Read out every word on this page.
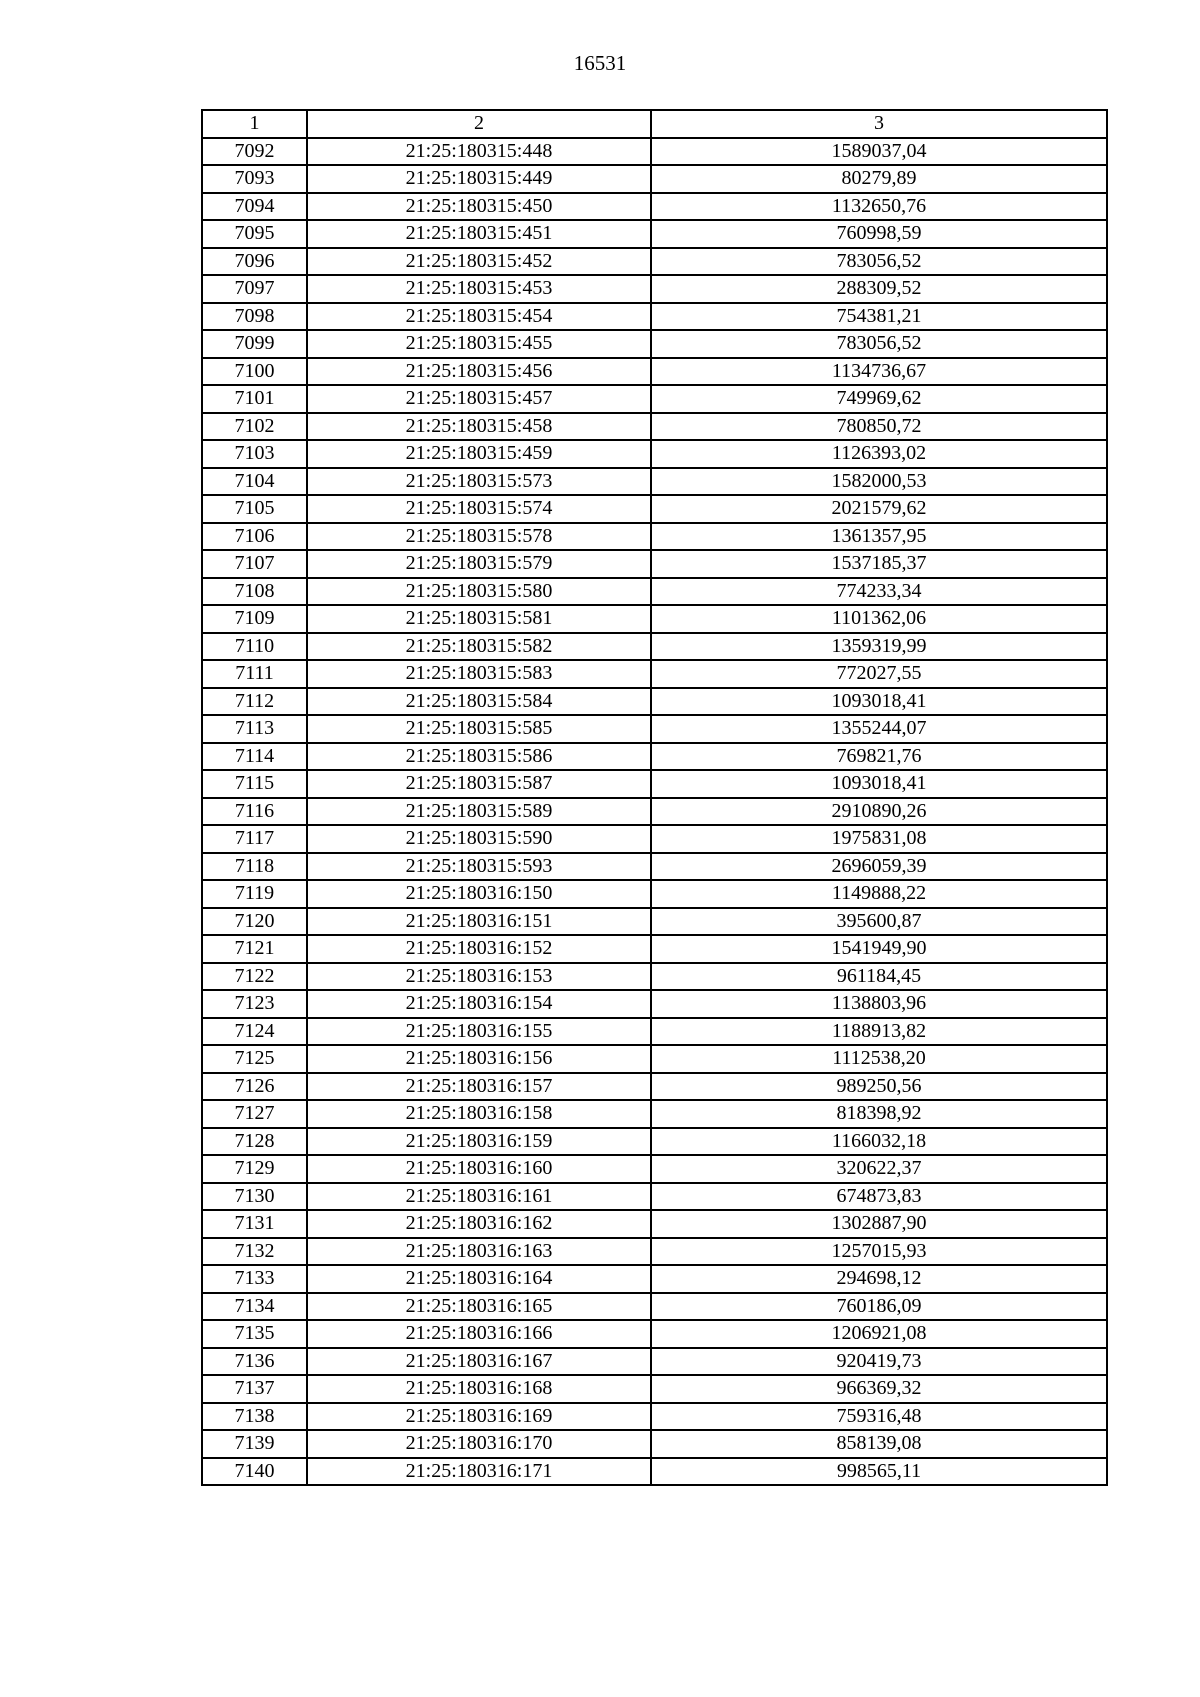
16531
1	2	3
7092	21:25:180315:448	1589037,04
7093	21:25:180315:449	80279,89
7094	21:25:180315:450	1132650,76
7095	21:25:180315:451	760998,59
7096	21:25:180315:452	783056,52
7097	21:25:180315:453	288309,52
7098	21:25:180315:454	754381,21
7099	21:25:180315:455	783056,52
7100	21:25:180315:456	1134736,67
7101	21:25:180315:457	749969,62
7102	21:25:180315:458	780850,72
7103	21:25:180315:459	1126393,02
7104	21:25:180315:573	1582000,53
7105	21:25:180315:574	2021579,62
7106	21:25:180315:578	1361357,95
7107	21:25:180315:579	1537185,37
7108	21:25:180315:580	774233,34
7109	21:25:180315:581	1101362,06
7110	21:25:180315:582	1359319,99
7111	21:25:180315:583	772027,55
7112	21:25:180315:584	1093018,41
7113	21:25:180315:585	1355244,07
7114	21:25:180315:586	769821,76
7115	21:25:180315:587	1093018,41
7116	21:25:180315:589	2910890,26
7117	21:25:180315:590	1975831,08
7118	21:25:180315:593	2696059,39
7119	21:25:180316:150	1149888,22
7120	21:25:180316:151	395600,87
7121	21:25:180316:152	1541949,90
7122	21:25:180316:153	961184,45
7123	21:25:180316:154	1138803,96
7124	21:25:180316:155	1188913,82
7125	21:25:180316:156	1112538,20
7126	21:25:180316:157	989250,56
7127	21:25:180316:158	818398,92
7128	21:25:180316:159	1166032,18
7129	21:25:180316:160	320622,37
7130	21:25:180316:161	674873,83
7131	21:25:180316:162	1302887,90
7132	21:25:180316:163	1257015,93
7133	21:25:180316:164	294698,12
7134	21:25:180316:165	760186,09
7135	21:25:180316:166	1206921,08
7136	21:25:180316:167	920419,73
7137	21:25:180316:168	966369,32
7138	21:25:180316:169	759316,48
7139	21:25:180316:170	858139,08
7140	21:25:180316:171	998565,11
